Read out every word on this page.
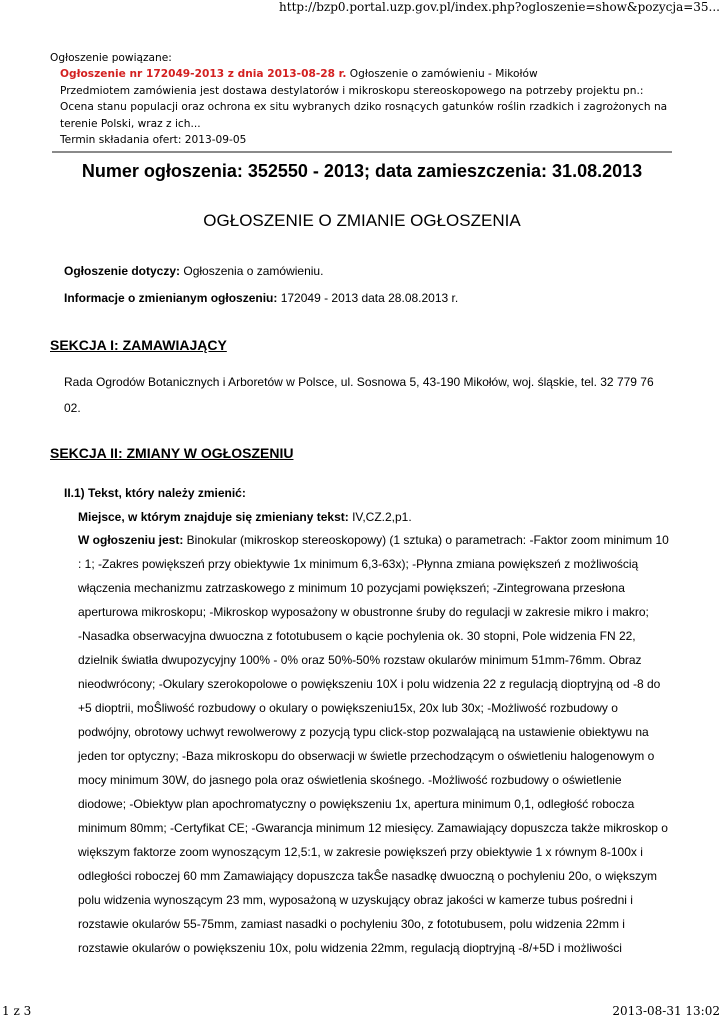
http://bzp0.portal.uzp.gov.pl/index.php?ogloszenie=show&pozycja=35...

Ogłoszenie powiązane:

Ogłoszenie nr 172049-2013 z dnia 2013-08-28 r. Ogłoszenie o zamówieniu - Mikołów

Przedmiotem zamówienia jest dostawa destylatorów i mikroskopu stereoskopowego na potrzeby projektu pn.:

Ocena stanu populacji oraz ochrona ex situ wybranych dziko rosnących gatunków roślin rzadkich i zagrożonych na

terenie Polski, wraz z ich...

Termin składania ofert: 2013-09-05

Numer ogłoszenia: 352550 - 2013; data zamieszczenia: 31.08.2013
OGŁOSZENIE O ZMIANIE OGŁOSZENIA
Ogłoszenie dotyczy: Ogłoszenia o zamówieniu.
Informacje o zmienianym ogłoszeniu: 172049 - 2013 data 28.08.2013 r.
SEKCJA I: ZAMAWIAJĄCY
Rada Ogrodów Botanicznych i Arboretów w Polsce, ul. Sosnowa 5, 43-190 Mikołów, woj. śląskie, tel. 32 779 76
02.
SEKCJA II: ZMIANY W OGŁOSZENIU
II.1) Tekst, który należy zmienić:
Miejsce, w którym znajduje się zmieniany tekst: IV,CZ.2,p1.

W ogłoszeniu jest: Binokular (mikroskop stereoskopowy) (1 sztuka) o parametrach: -Faktor zoom minimum 10

: 1; -Zakres powiększeń przy obiektywie 1x minimum 6,3-63x); -Płynna zmiana powiększeń z możliwością

włączenia mechanizmu zatrzaskowego z minimum 10 pozycjami powiększeń; -Zintegrowana przesłona

aperturowa mikroskopu; -Mikroskop wyposażony w obustronne śruby do regulacji w zakresie mikro i makro;

-Nasadka obserwacyjna dwuoczna z fototubusem o kącie pochylenia ok. 30 stopni, Pole widzenia FN 22,

dzielnik światła dwupozycyjny 100% - 0% oraz 50%-50% rozstaw okularów minimum 51mm-76mm. Obraz

nieodwrócony; -Okulary szerokopolowe o powiększeniu 10X i polu widzenia 22 z regulacją dioptryjną od -8 do

+5 dioptrii, moŜliwość rozbudowy o okulary o powiększeniu15x, 20x lub 30x; -Możliwość rozbudowy o

podwójny, obrotowy uchwyt rewolwerowy z pozycją typu click-stop pozwalającą na ustawienie obiektywu na

jeden tor optyczny; -Baza mikroskopu do obserwacji w świetle przechodzącym o oświetleniu halogenowym o

mocy minimum 30W, do jasnego pola oraz oświetlenia skośnego. -Możliwość rozbudowy o oświetlenie

diodowe; -Obiektyw plan apochromatyczny o powiększeniu 1x, apertura minimum 0,1, odległość robocza

minimum 80mm; -Certyfikat CE; -Gwarancja minimum 12 miesięcy. Zamawiający dopuszcza także mikroskop o

większym faktorze zoom wynoszącym 12,5:1, w zakresie powiększeń przy obiektywie 1 x równym 8-100x i

odległości roboczej 60 mm Zamawiający dopuszcza takŜe nasadkę dwuoczną o pochyleniu 20o, o większym

polu widzenia wynoszącym 23 mm, wyposażoną w uzyskujący obraz jakości w kamerze tubus pośredni i

rozstawie okularów 55-75mm, zamiast nasadki o pochyleniu 30o, z fototubusem, polu widzenia 22mm i

rozstawie okularów o powiększeniu 10x, polu widzenia 22mm, regulacją dioptryjną -8/+5D i możliwości

1 z 3	2013-08-31 13:02
